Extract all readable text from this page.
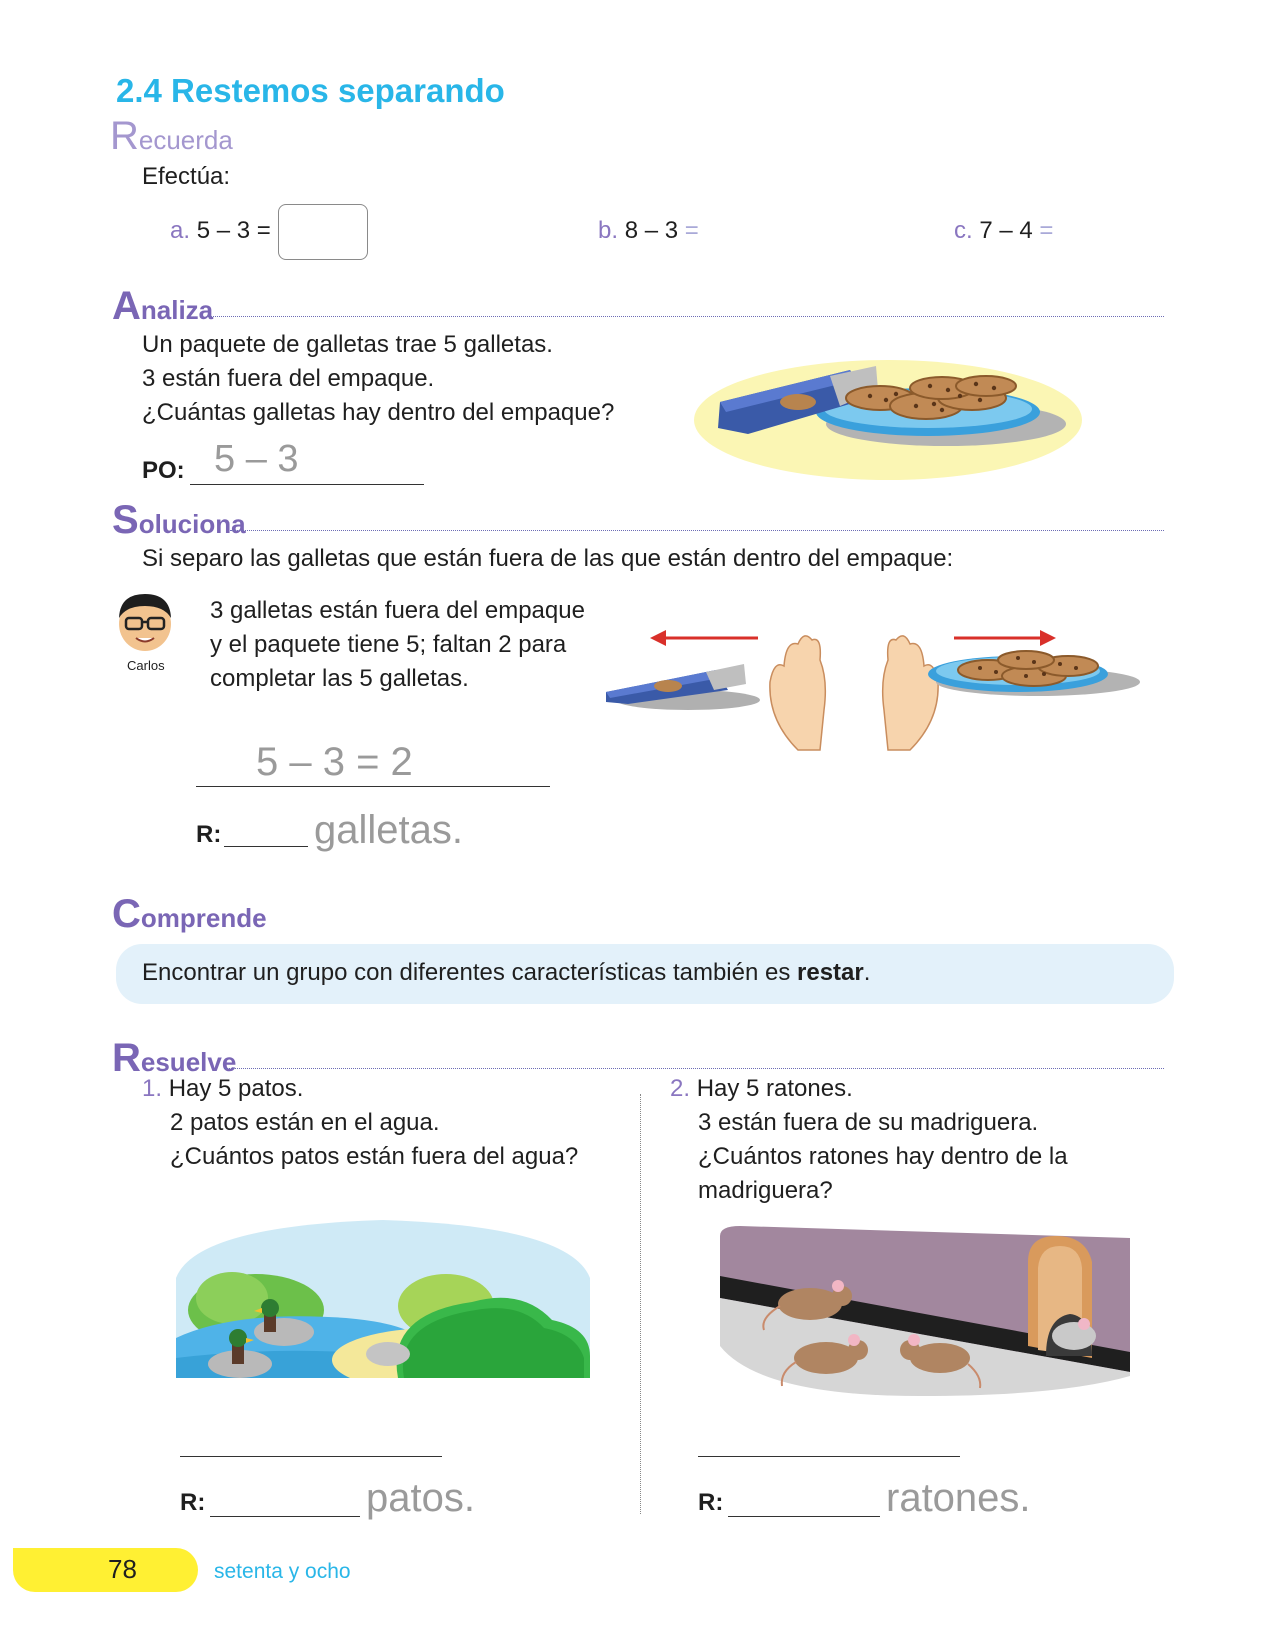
2.4 Restemos separando
Recuerda
Efectúa:
a. 5 – 3 =	b. 8 – 3 =	c. 7 – 4 =
Analiza
Un paquete de galletas trae 5 galletas.
3 están fuera del empaque.
¿Cuántas galletas hay dentro del empaque?
PO: 5 – 3
Soluciona
Si separo las galletas que están fuera de las que están dentro del empaque:
Carlos
3 galletas están fuera del empaque
y el paquete tiene 5; faltan 2 para
completar las 5 galletas.
5 – 3 = 2
R: galletas.
Comprende
Encontrar un grupo con diferentes características también es restar.
Resuelve
1. Hay 5 patos.
2 patos están en el agua.
¿Cuántos patos están fuera del agua?
R:	patos.
2. Hay 5 ratones.
3 están fuera de su madriguera.
¿Cuántos ratones hay dentro de la
madriguera?
R:	ratones.
78	setenta y ocho
